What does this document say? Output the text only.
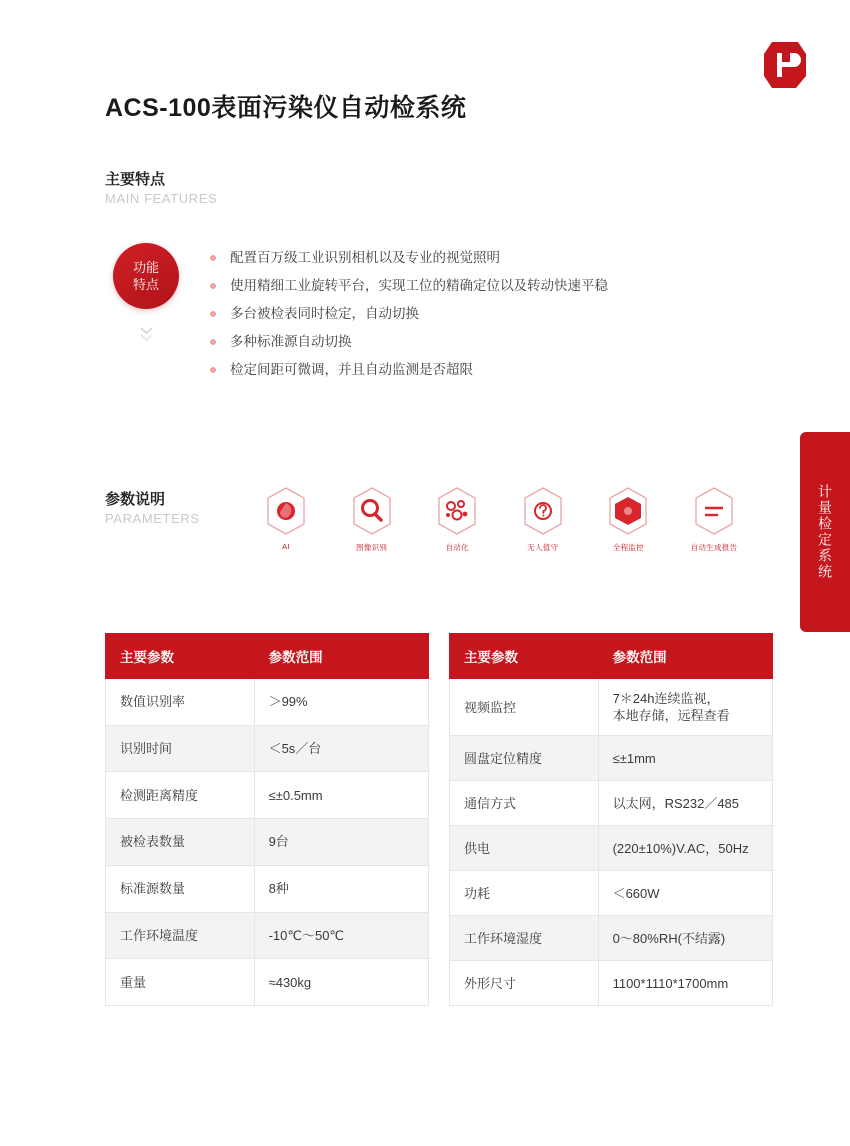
ACS-100表面污染仪自动检系统
主要特点
MAIN FEATURES
功能
特点
配置百万级工业识别相机以及专业的视觉照明
使用精细工业旋转平台，实现工位的精确定位以及转动快速平稳
多台被检表同时检定，自动切换
多种标准源自动切换
检定间距可微调，并且自动监测是否超限
参数说明
PARAMETERS
AI	图像识别	自动化	无人值守	全程监控	自动生成报告	计量检定系统
主要参数	参数范围
数值识别率	＞99%
识别时间	＜5s／台
检测距离精度	≤±0.5mm
被检表数量	9台
标准源数量	8种
工作环境温度	-10℃～50℃
重量	≈430kg
主要参数	参数范围
视频监控	7＊24h连续监视，
本地存储，远程查看
圆盘定位精度	≤±1mm
通信方式	以太网，RS232／485
供电	(220±10%)V.AC，50Hz
功耗	＜660W
工作环境湿度	0～80%RH(不结露)
外形尺寸	1100*1110*1700mm
